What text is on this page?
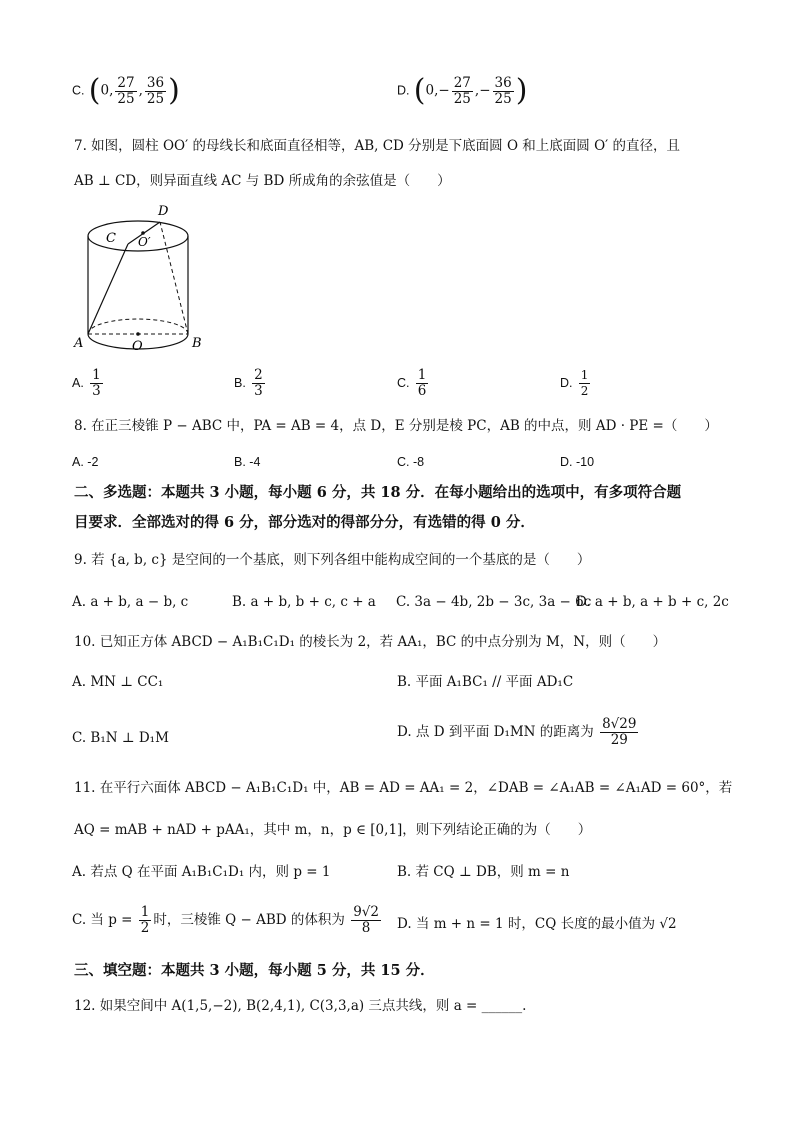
C. (0, $\frac{27}{25}$ , $\frac{36}{25}$ )	D. ($0,- \frac{27}{25}$ ,− $\frac{36}{25}$ )
7. 如图，圆柱 OO′ 的母线长和底面直径相等，AB, CD 分别是下底面圆 O 和上底面圆 O′ 的直径，且
AB ⊥ CD，则异面直线 AC 与 BD 所成角的余弦值是（　　）
D
C O′
A	O	B
A. $\frac{1}{3}$	B. $\frac{2}{3}$	C. $\frac{1}{6}$	D. $\frac{1}{2}$
8. 在正三棱锥 P − ABC 中，PA = AB = 4，点 D，E 分别是棱 PC，AB 的中点，则 AD · PE =（　　）
A. -2	B. -4	C. -8	D. -10
二、多选题：本题共 3 小题，每小题 6 分，共 18 分．在每小题给出的选项中，有多项符合题
目要求．全部选对的得 6 分，部分选对的得部分分，有选错的得 0 分．
9. 若 {a, b, c} 是空间的一个基底，则下列各组中能构成空间的一个基底的是（　　）
A. a + b, a − b, c	B. a + b, b + c, c + a C. 3a − 4b, 2b − 3c, 3a − 6c
D. a + b, a + b + c, 2c
10. 已知正方体 ABCD − A₁B₁C₁D₁ 的棱长为 2，若 AA₁，BC 的中点分别为 M，N，则（　　）
A. MN ⊥ CC₁	B. 平面 A₁BC₁ // 平面 AD₁C
C. B₁N ⊥ D₁M	D. 点 D 到平面 D₁MN 的距离为 $\frac{8√29}{29}$
11. 在平行六面体 ABCD − A₁B₁C₁D₁ 中，AB = AD = AA₁ = 2，∠DAB = ∠A₁AB = ∠A₁AD = 60°，若
AQ = mAB + nAD + pAA₁，其中 m，n，p ∈ [0,1]，则下列结论正确的为（　　）
A. 若点 Q 在平面 A₁B₁C₁D₁ 内，则 p = 1	B. 若 CQ ⊥ DB，则 m = n
C. 当 $p = \frac{1}{2}$ 时，三棱锥 Q − ABD 的体积为 $\frac{9√2}{8} D$. 当 m + n = 1 时，CQ 长度的最小值为 √2
三、填空题：本题共 3 小题，每小题 5 分，共 15 分．
12. 如果空间中 A(1,5,−2), B(2,4,1), C(3,3,a) 三点共线，则 a = ______.
